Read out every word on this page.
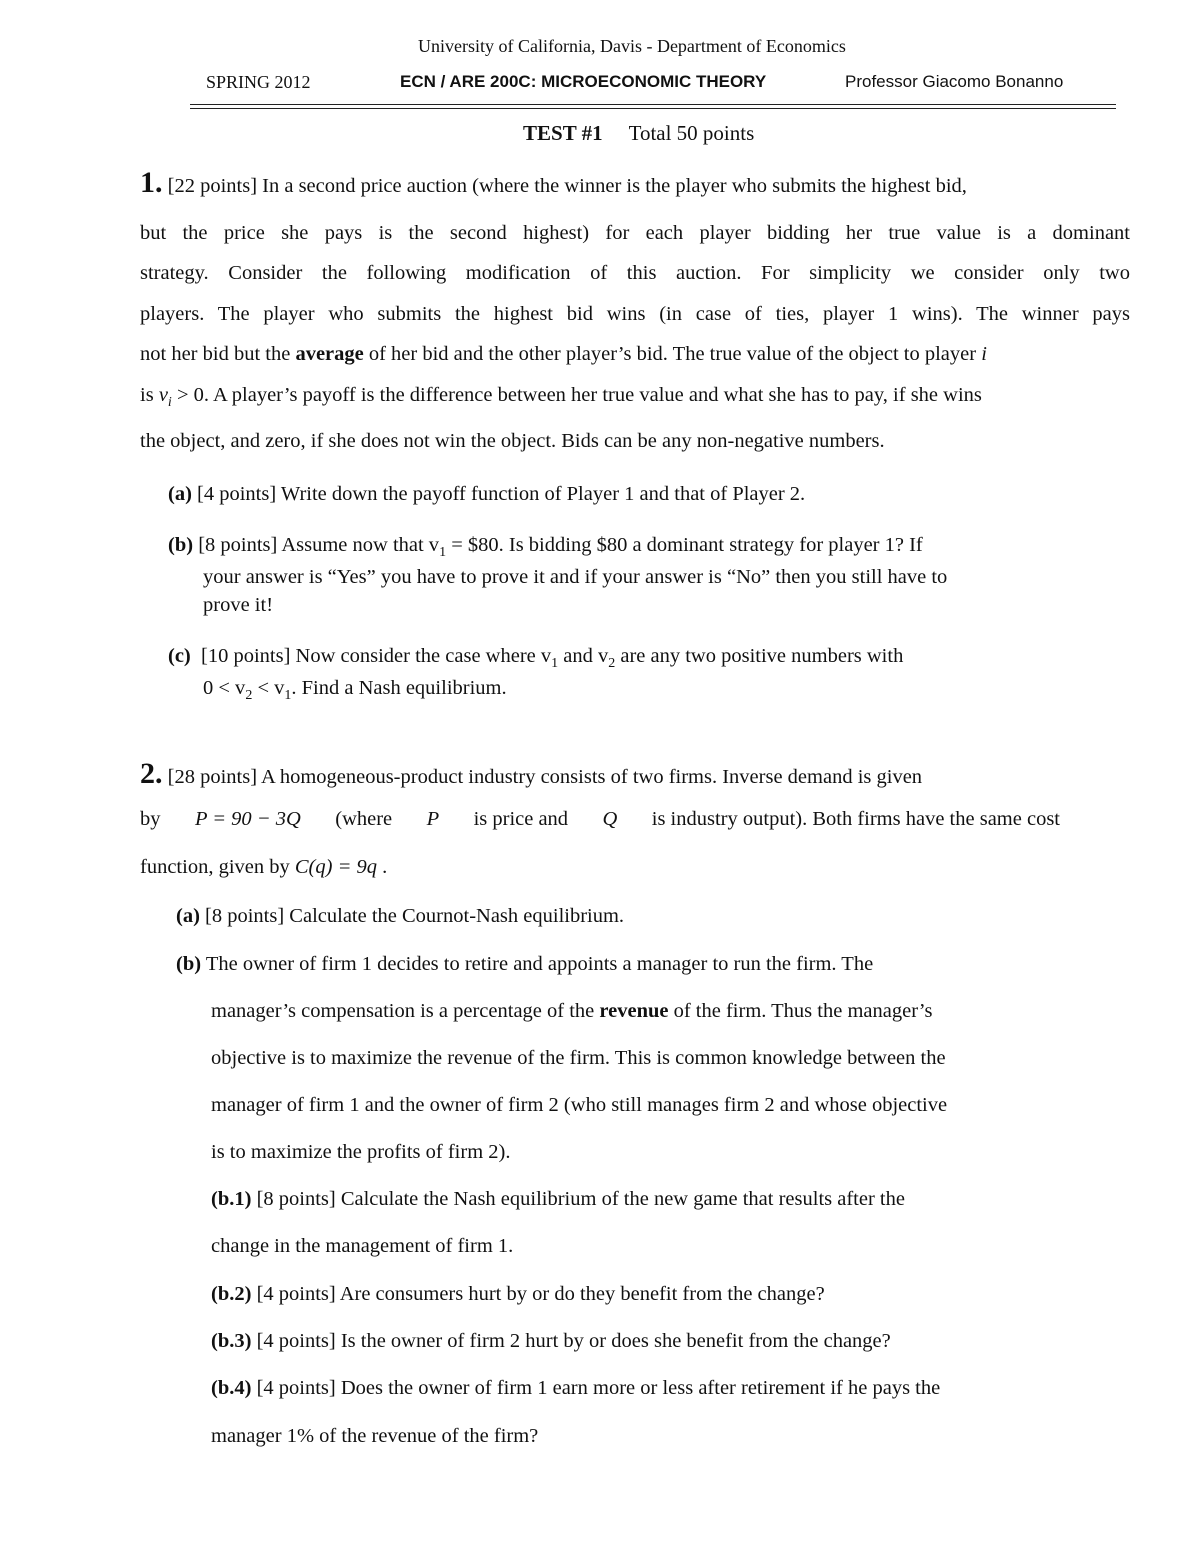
University of California, Davis - Department of Economics
SPRING 2012	ECN / ARE 200C: MICROECONOMIC THEORY	Professor Giacomo Bonanno
TEST #1 Total 50 points
1. [22 points] In a second price auction (where the winner is the player who submits the highest bid,
but the price she pays is the second highest) for each player bidding her true value is a dominant
strategy. Consider the following modification of this auction. For simplicity we consider only two
players. The player who submits the highest bid wins (in case of ties, player 1 wins). The winner pays
not her bid but the average of her bid and the other player’s bid. The true value of the object to player i
is $v_i > 0$. A player’s payoff is the difference between her true value and what she has to pay, if she wins
the object, and zero, if she does not win the object. Bids can be any non-negative numbers.
(a) [4 points] Write down the payoff function of Player 1 and that of Player 2.
(b) [8 points] Assume now that $v_1$ = $80. Is bidding $80 a dominant strategy for player 1? If
your answer is “Yes” you have to prove it and if your answer is “No” then you still have to
prove it!
(c) [10 points] Now consider the case where $v_1$ and $v_2$ are any two positive numbers with
$0 < v_2 < v_1$. Find a Nash equilibrium.
2. [28 points] A homogeneous-product industry consists of two firms. Inverse demand is given
by P = 90 − 3Q (where P is price and Q is industry output). Both firms have the same cost
function, given by C(q) = 9q .
(a) [8 points] Calculate the Cournot-Nash equilibrium.
(b) The owner of firm 1 decides to retire and appoints a manager to run the firm. The
manager’s compensation is a percentage of the revenue of the firm. Thus the manager’s
objective is to maximize the revenue of the firm. This is common knowledge between the
manager of firm 1 and the owner of firm 2 (who still manages firm 2 and whose objective
is to maximize the profits of firm 2).
(b.1) [8 points] Calculate the Nash equilibrium of the new game that results after the
change in the management of firm 1.
(b.2) [4 points] Are consumers hurt by or do they benefit from the change?
(b.3) [4 points] Is the owner of firm 2 hurt by or does she benefit from the change?
(b.4) [4 points] Does the owner of firm 1 earn more or less after retirement if he pays the
manager 1% of the revenue of the firm?
